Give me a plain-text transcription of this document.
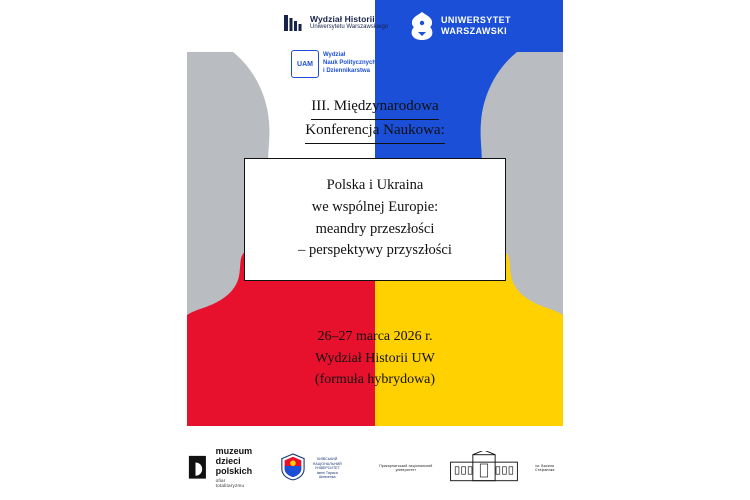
Wydział Historii
Uniwersytetu Warszawskiego
UNIWERSYTET
WARSZAWSKI
UAM
Wydział
Nauk Politycznych
i Dziennikarstwa
III. Międzynarodowa
Konferencja Naukowa:
Polska i Ukraina
we wspólnej Europie:
meandry przeszłości
– perspektywy przyszłości
26–27 marca 2026 r.
Wydział Historii UW
(formuła hybrydowa)
muzeum
dzieci
polskich
ofiar totalitaryzmu
КИЇВСЬКИЙ
НАЦІОНАЛЬНИЙ
УНІВЕРСИТЕТ
імені Тараса Шевченка
Прикарпатський національний університет
ім. Василя Стефаника
